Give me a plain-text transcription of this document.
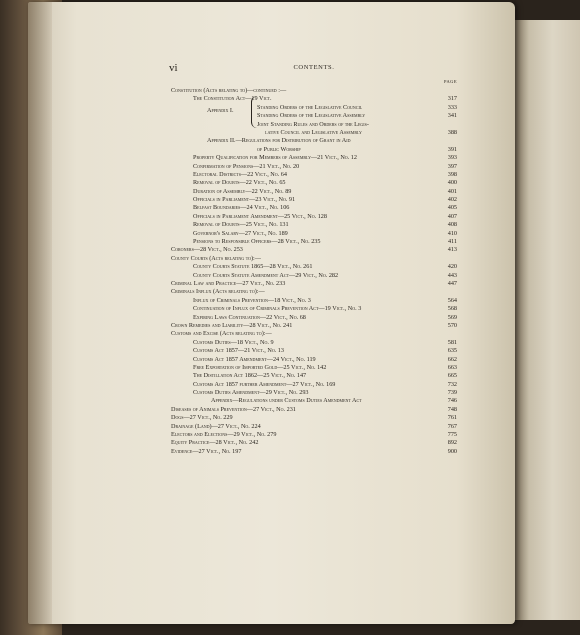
vi	CONTENTS.
PAGE
Appendix I.
Constitution (Acts relating to)—continued :—
The Constitution Act—19 Vict.	317
Standing Orders of the Legislative Council	333
Standing Orders of the Legislative Assembly	341
Joint Standing Rules and Orders of the Legis-
lative Council and Legislative Assembly	388
Appendix II.—Regulations for Distribution of Grant in Aid
of Public Worship	391
Property Qualification for Members of Assembly—21 Vict., No. 12	393
Confirmation of Pensions—21 Vict., No. 20	397
Electoral Districts—22 Vict., No. 64	398
Removal of Doubts—22 Vict., No. 65	400
Duration of Assembly—22 Vict., No. 89	401
Officials in Parliament—23 Vict., No. 91	402
Belfast Boundaries—24 Vict., No. 106	405
Officials in Parliament Amendment—25 Vict., No. 128	407
Removal of Doubts—25 Vict., No. 131	408
Governor's Salary—27 Vict., No. 189	410
Pensions to Responsible Officers—28 Vict., No. 235	411
Coroners—28 Vict., No. 253	413
County Courts (Acts relating to):—
County Courts Statute 1865—28 Vict., No. 261	420
County Courts Statute Amendment Act—29 Vict., No. 282	443
Criminal Law and Practice—27 Vict., No. 233	447
Criminals Influx (Acts relating to):—
Influx of Criminals Prevention—18 Vict., No. 3	564
Continuation of Influx of Criminals Prevention Act—19 Vict., No. 3	568
Expiring Laws Continuation—22 Vict., No. 68	569
Crown Remedies and Liability—28 Vict., No. 241	570
Customs and Excise (Acts relating to):—
Customs Duties—18 Vict., No. 9	581
Customs Act 1857—21 Vict., No. 13	635
Customs Act 1857 Amendment—24 Vict., No. 119	662
Free Exportation of Imported Gold—25 Vict., No. 142	663
The Distillation Act 1862—25 Vict., No. 147	665
Customs Act 1857 further Amendment—27 Vict., No. 169	732
Customs Duties Amendment—29 Vict., No. 293	739
Appendix—Regulations under Customs Duties Amendment Act	746
Diseases of Animals Prevention—27 Vict., No. 231	748
Dogs—27 Vict., No. 229	761
Drainage (Land)—27 Vict., No. 224	767
Electors and Elections—29 Vict., No. 279	775
Equity Practice—28 Vict., No. 242	892
Evidence—27 Vict., No. 197	900
